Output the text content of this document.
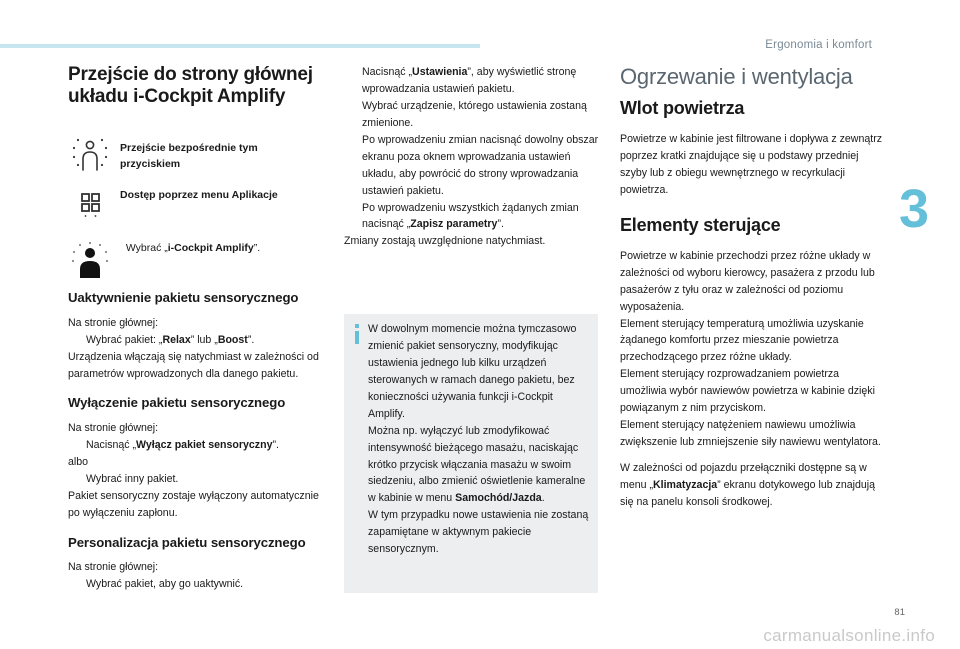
Ergonomia i komfort
3
81
carmanualsonline.info
Przejście do strony głównej
układu i-Cockpit Amplify
Przejście bezpośrednie tym
przyciskiem
Dostęp poprzez menu Aplikacje
Wybrać „i-Cockpit Amplify”.
Uaktywnienie pakietu sensorycznego

Na stronie głównej:

Wybrać pakiet: „Relax” lub „Boost”.

Urządzenia włączają się natychmiast w zależności od parametrów wprowadzonych dla danego pakietu.

Wyłączenie pakietu sensorycznego

Na stronie głównej:

Nacisnąć „Wyłącz pakiet sensoryczny”.

albo

Wybrać inny pakiet.

Pakiet sensoryczny zostaje wyłączony automatycznie po wyłączeniu zapłonu.

Personalizacja pakietu sensorycznego

Na stronie głównej:

Wybrać pakiet, aby go uaktywnić.

Nacisnąć „Ustawienia”, aby wyświetlić stronę wprowadzania ustawień pakietu.

Wybrać urządzenie, którego ustawienia zostaną zmienione.

Po wprowadzeniu zmian nacisnąć dowolny obszar ekranu poza oknem wprowadzania ustawień układu, aby powrócić do strony wprowadzania ustawień pakietu.

Po wprowadzeniu wszystkich żądanych zmian nacisnąć „Zapisz parametry”.

Zmiany zostają uwzględnione natychmiast.

W dowolnym momencie można tymczasowo zmienić pakiet sensoryczny, modyfikując ustawienia jednego lub kilku urządzeń sterowanych w ramach danego pakietu, bez konieczności używania funkcji i-Cockpit Amplify.

Można np. wyłączyć lub zmodyfikować intensywność bieżącego masażu, naciskając krótko przycisk włączania masażu w swoim siedzeniu, albo zmienić oświetlenie kameralne w kabinie w menu Samochód/Jazda.

W tym przypadku nowe ustawienia nie zostaną zapamiętane w aktywnym pakiecie sensorycznym.

Ogrzewanie i wentylacja
Wlot powietrza

Powietrze w kabinie jest filtrowane i dopływa z zewnątrz poprzez kratki znajdujące się u podstawy przedniej szyby lub z obiegu wewnętrznego w recyrkulacji powietrza.

Elementy sterujące

Powietrze w kabinie przechodzi przez różne układy w zależności od wyboru kierowcy, pasażera z przodu lub pasażerów z tyłu oraz w zależności od poziomu wyposażenia.

Element sterujący temperaturą umożliwia uzyskanie żądanego komfortu przez mieszanie powietrza przechodzącego przez różne układy.

Element sterujący rozprowadzaniem powietrza umożliwia wybór nawiewów powietrza w kabinie dzięki powiązanym z nim przyciskom.

Element sterujący natężeniem nawiewu umożliwia zwiększenie lub zmniejszenie siły nawiewu wentylatora.

W zależności od pojazdu przełączniki dostępne są w menu „Klimatyzacja” ekranu dotykowego lub znajdują się na panelu konsoli środkowej.
